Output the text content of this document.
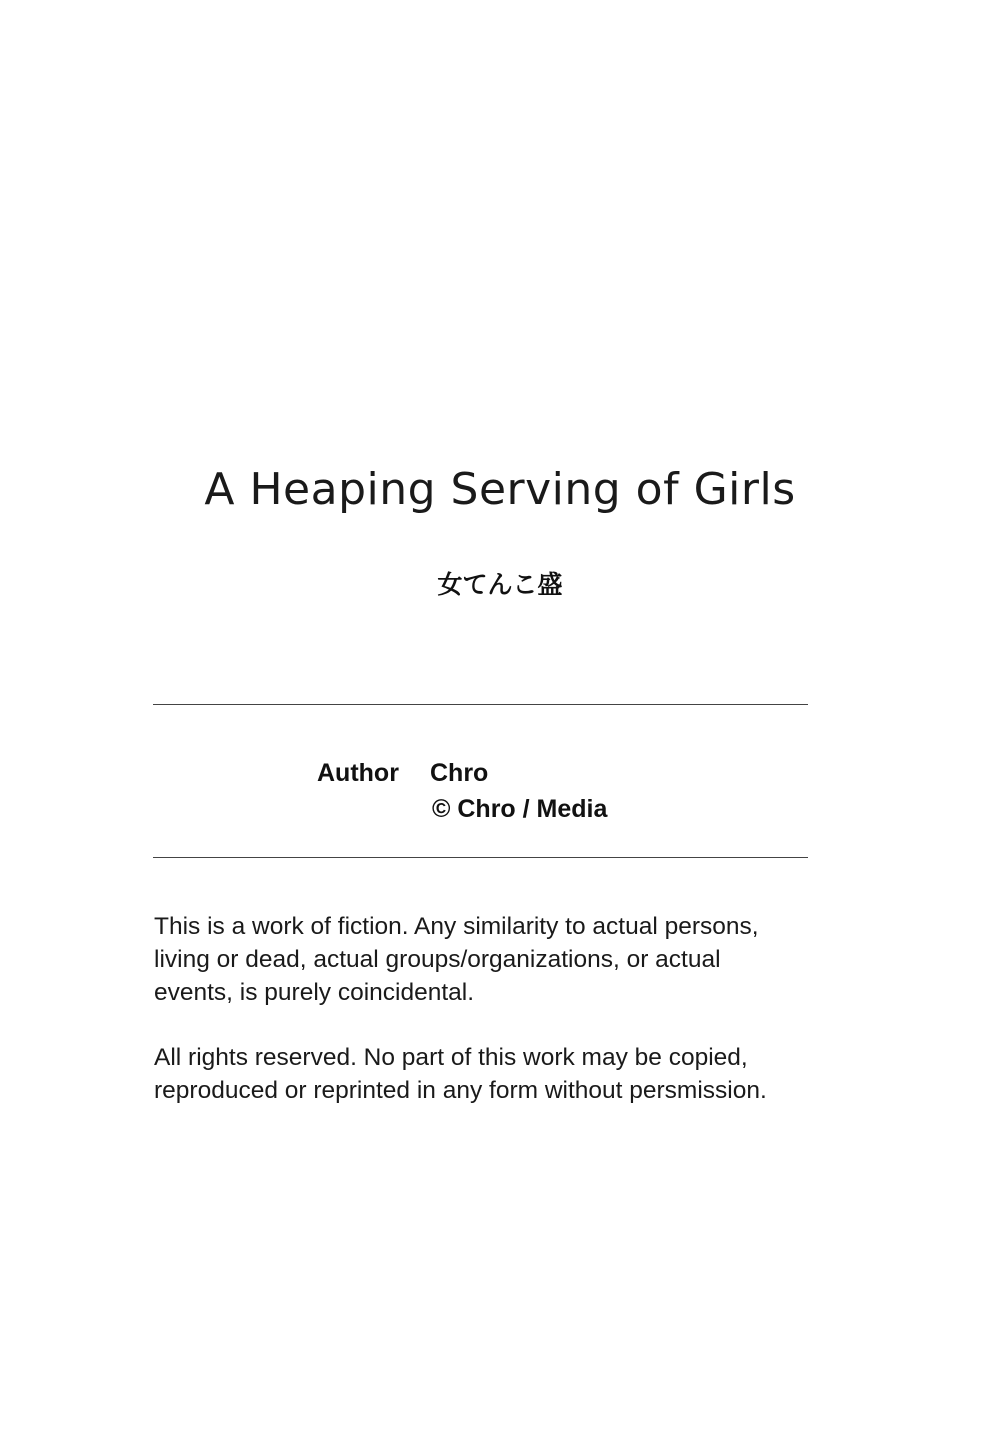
A Heaping Serving of Girls
女てんこ盛
Author Chro
© Chro / Media

This is a work of fiction. Any similarity to actual persons,
living or dead, actual groups/organizations, or actual
events, is purely coincidental.

All rights reserved. No part of this work may be copied,
reproduced or reprinted in any form without persmission.
